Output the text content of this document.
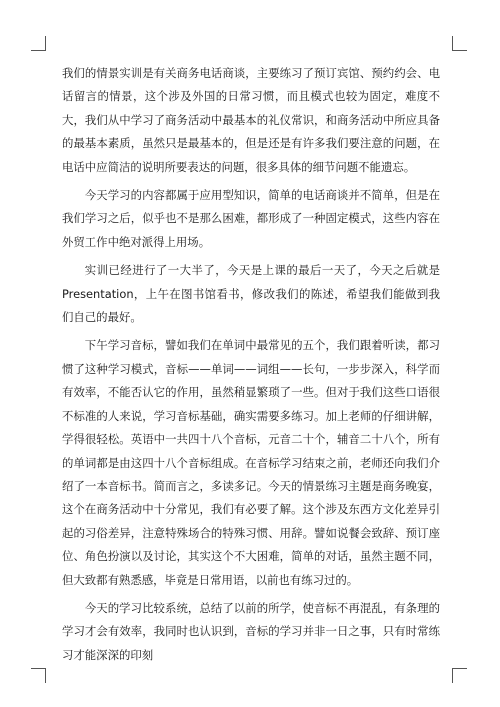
我们的情景实训是有关商务电话商谈，主要练习了预订宾馆、预约约会、电话留言的情景，这个涉及外国的日常习惯，而且模式也较为固定，难度不大，我们从中学习了商务活动中最基本的礼仪常识，和商务活动中所应具备的最基本素质，虽然只是最基本的，但是还是有许多我们要注意的问题，在电话中应简洁的说明所要表达的问题，很多具体的细节问题不能遗忘。

今天学习的内容都属于应用型知识，简单的电话商谈并不简单，但是在我们学习之后，似乎也不是那么困难，都形成了一种固定模式，这些内容在外贸工作中绝对派得上用场。

实训已经进行了一大半了，今天是上课的最后一天了，今天之后就是Presentation，上午在图书馆看书，修改我们的陈述，希望我们能做到我们自己的最好。

下午学习音标，譬如我们在单词中最常见的五个，我们跟着听读，都习惯了这种学习模式，音标——单词——词组——长句，一步步深入，科学而有效率，不能否认它的作用，虽然稍显繁琐了一些。但对于我们这些口语很不标准的人来说，学习音标基础，确实需要多练习。加上老师的仔细讲解，学得很轻松。英语中一共四十八个音标，元音二十个，辅音二十八个，所有的单词都是由这四十八个音标组成。在音标学习结束之前，老师还向我们介绍了一本音标书。简而言之，多读多记。今天的情景练习主题是商务晚宴，这个在商务活动中十分常见，我们有必要了解。这个涉及东西方文化差异引起的习俗差异，注意特殊场合的特殊习惯、用辞。譬如说餐会致辞、预订座位、角色扮演以及讨论，其实这个不大困难，简单的对话，虽然主题不同，但大致都有熟悉感，毕竟是日常用语，以前也有练习过的。

今天的学习比较系统，总结了以前的所学，使音标不再混乱，有条理的学习才会有效率，我同时也认识到，音标的学习并非一日之事，只有时常练习才能深深的印刻
